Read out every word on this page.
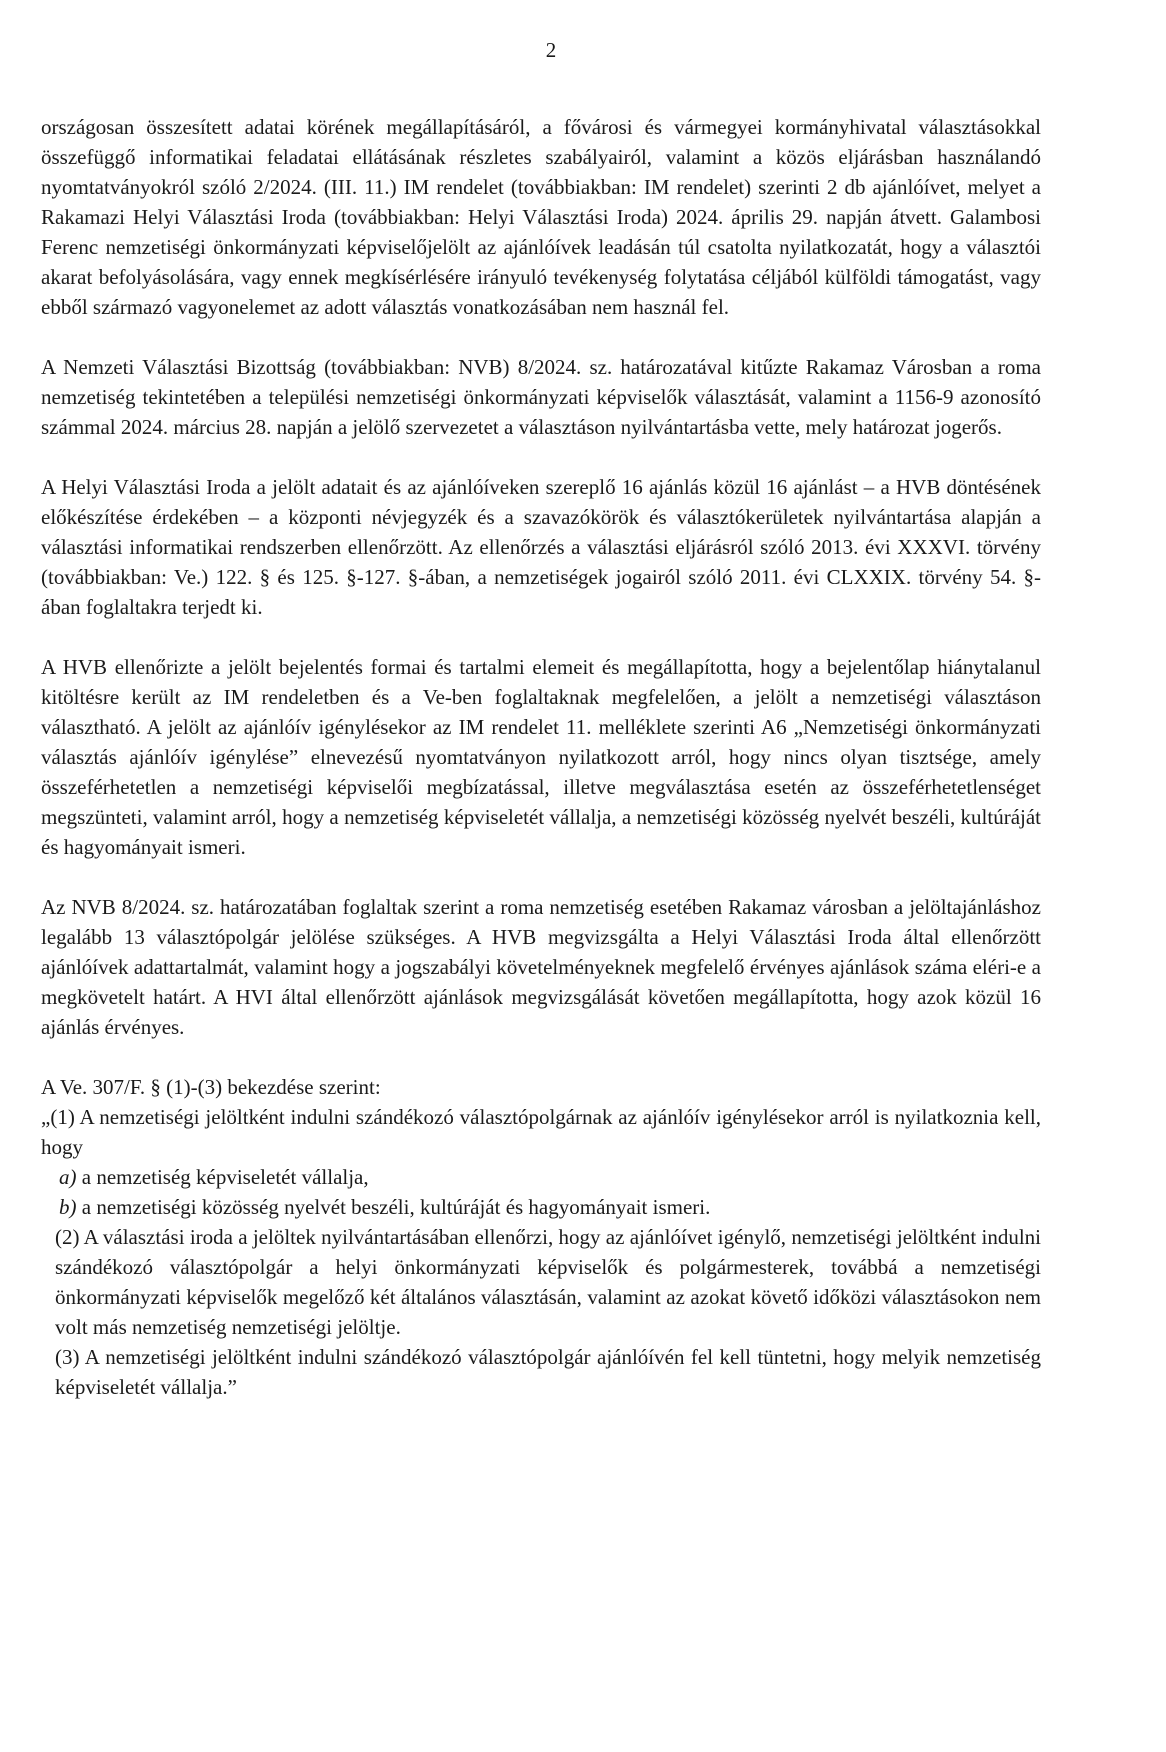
2

országosan összesített adatai körének megállapításáról, a fővárosi és vármegyei kormányhivatal választásokkal összefüggő informatikai feladatai ellátásának részletes szabályairól, valamint a közös eljárásban használandó nyomtatványokról szóló 2/2024. (III. 11.) IM rendelet (továbbiakban: IM rendelet) szerinti 2 db ajánlóívet, melyet a Rakamazi Helyi Választási Iroda (továbbiakban: Helyi Választási Iroda) 2024. április 29. napján átvett. Galambosi Ferenc nemzetiségi önkormányzati képviselőjelölt az ajánlóívek leadásán túl csatolta nyilatkozatát, hogy a választói akarat befolyásolására, vagy ennek megkísérlésére irányuló tevékenység folytatása céljából külföldi támogatást, vagy ebből származó vagyonelemet az adott választás vonatkozásában nem használ fel.

A Nemzeti Választási Bizottság (továbbiakban: NVB) 8/2024. sz. határozatával kitűzte Rakamaz Városban a roma nemzetiség tekintetében a települési nemzetiségi önkormányzati képviselők választását, valamint a 1156-9 azonosító számmal 2024. március 28. napján a jelölő szervezetet a választáson nyilvántartásba vette, mely határozat jogerős.

A Helyi Választási Iroda a jelölt adatait és az ajánlóíveken szereplő 16 ajánlás közül 16 ajánlást – a HVB döntésének előkészítése érdekében – a központi névjegyzék és a szavazókörök és választókerületek nyilvántartása alapján a választási informatikai rendszerben ellenőrzött. Az ellenőrzés a választási eljárásról szóló 2013. évi XXXVI. törvény (továbbiakban: Ve.) 122. § és 125. §-127. §-ában, a nemzetiségek jogairól szóló 2011. évi CLXXIX. törvény 54. §-ában foglaltakra terjedt ki.

A HVB ellenőrizte a jelölt bejelentés formai és tartalmi elemeit és megállapította, hogy a bejelentőlap hiánytalanul kitöltésre került az IM rendeletben és a Ve-ben foglaltaknak megfelelően, a jelölt a nemzetiségi választáson választható. A jelölt az ajánlóív igénylésekor az IM rendelet 11. melléklete szerinti A6 „Nemzetiségi önkormányzati választás ajánlóív igénylése” elnevezésű nyomtatványon nyilatkozott arról, hogy nincs olyan tisztsége, amely összeférhetetlen a nemzetiségi képviselői megbízatással, illetve megválasztása esetén az összeférhetetlenséget megszünteti, valamint arról, hogy a nemzetiség képviseletét vállalja, a nemzetiségi közösség nyelvét beszéli, kultúráját és hagyományait ismeri.

Az NVB 8/2024. sz. határozatában foglaltak szerint a roma nemzetiség esetében Rakamaz városban a jelöltajánláshoz legalább 13 választópolgár jelölése szükséges. A HVB megvizsgálta a Helyi Választási Iroda által ellenőrzött ajánlóívek adattartalmát, valamint hogy a jogszabályi követelményeknek megfelelő érvényes ajánlások száma eléri-e a megkövetelt határt. A HVI által ellenőrzött ajánlások megvizsgálását követően megállapította, hogy azok közül 16 ajánlás érvényes.

A Ve. 307/F. § (1)-(3) bekezdése szerint:

„(1) A nemzetiségi jelöltként indulni szándékozó választópolgárnak az ajánlóív igénylésekor arról is nyilatkoznia kell, hogy

a) a nemzetiség képviseletét vállalja,

b) a nemzetiségi közösség nyelvét beszéli, kultúráját és hagyományait ismeri.

(2) A választási iroda a jelöltek nyilvántartásában ellenőrzi, hogy az ajánlóívet igénylő, nemzetiségi jelöltként indulni szándékozó választópolgár a helyi önkormányzati képviselők és polgármesterek, továbbá a nemzetiségi önkormányzati képviselők megelőző két általános választásán, valamint az azokat követő időközi választásokon nem volt más nemzetiség nemzetiségi jelöltje.

(3) A nemzetiségi jelöltként indulni szándékozó választópolgár ajánlóívén fel kell tüntetni, hogy melyik nemzetiség képviseletét vállalja.”
